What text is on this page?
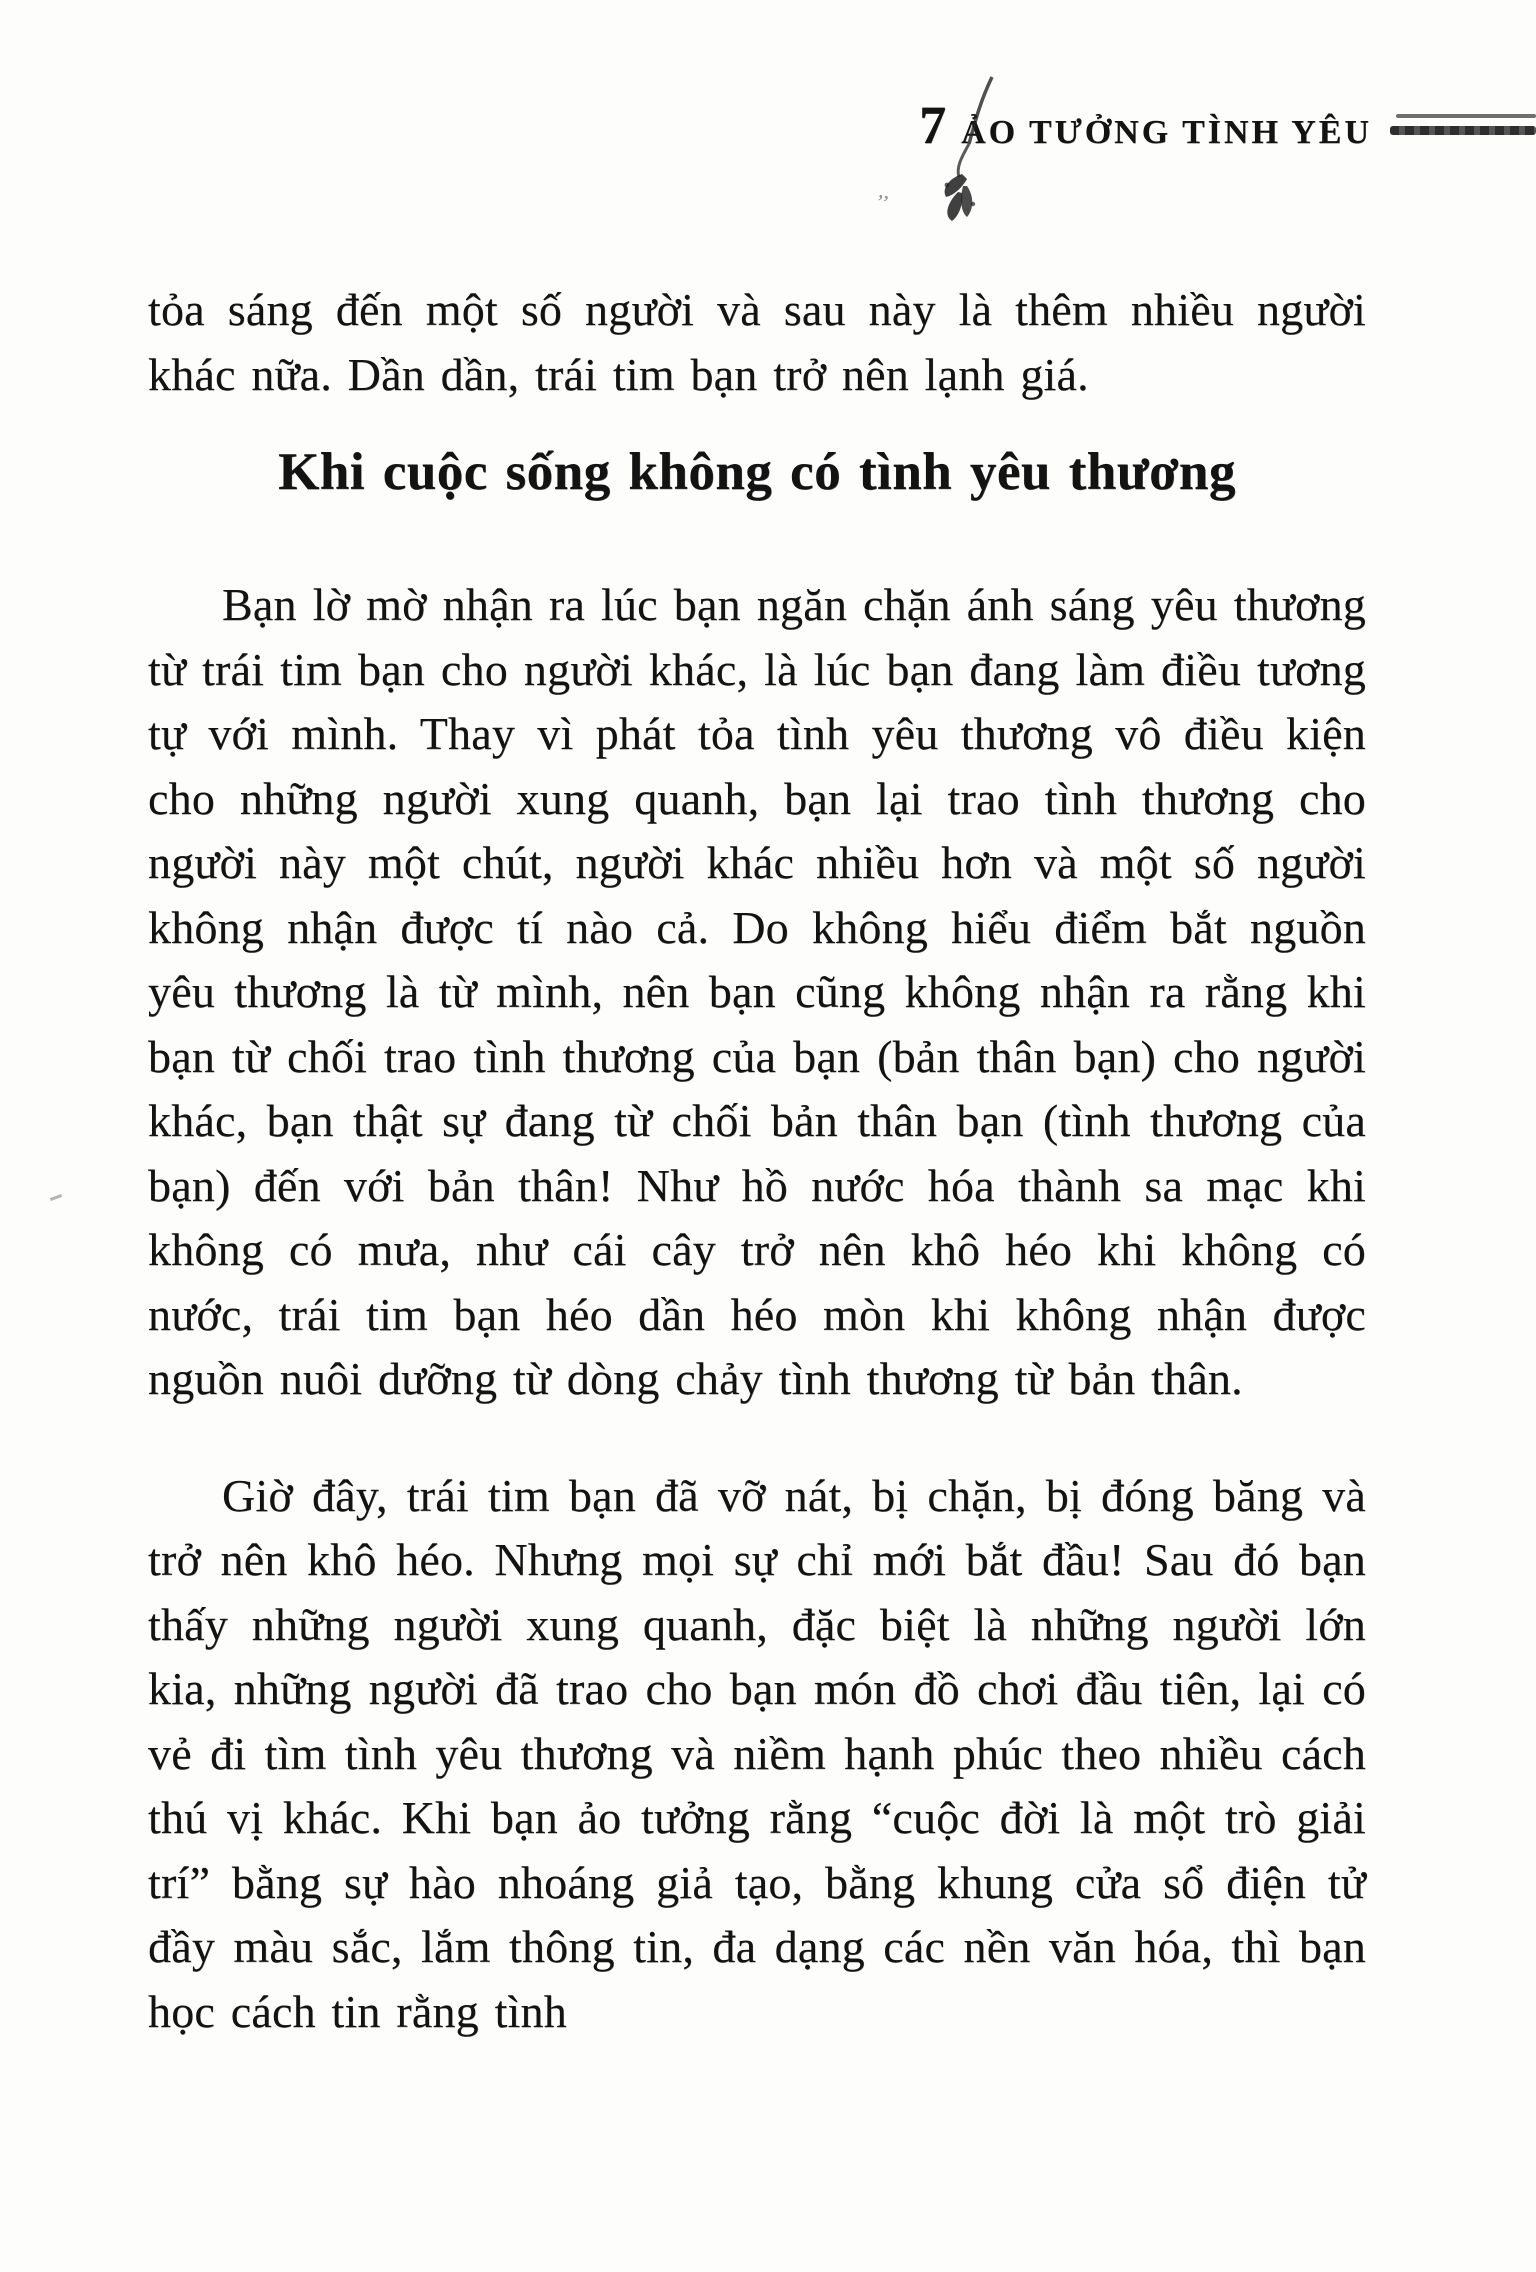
7 ẢO TƯỞNG TÌNH YÊU
’’

tỏa sáng đến một số người và sau này là thêm nhiều người khác nữa. Dần dần, trái tim bạn trở nên lạnh giá.

Khi cuộc sống không có tình yêu thương

Bạn lờ mờ nhận ra lúc bạn ngăn chặn ánh sáng yêu thương từ trái tim bạn cho người khác, là lúc bạn đang làm điều tương tự với mình. Thay vì phát tỏa tình yêu thương vô điều kiện cho những người xung quanh, bạn lại trao tình thương cho người này một chút, người khác nhiều hơn và một số người không nhận được tí nào cả. Do không hiểu điểm bắt nguồn yêu thương là từ mình, nên bạn cũng không nhận ra rằng khi bạn từ chối trao tình thương của bạn (bản thân bạn) cho người khác, bạn thật sự đang từ chối bản thân bạn (tình thương của bạn) đến với bản thân! Như hồ nước hóa thành sa mạc khi không có mưa, như cái cây trở nên khô héo khi không có nước, trái tim bạn héo dần héo mòn khi không nhận được nguồn nuôi dưỡng từ dòng chảy tình thương từ bản thân.

Giờ đây, trái tim bạn đã vỡ nát, bị chặn, bị đóng băng và trở nên khô héo. Nhưng mọi sự chỉ mới bắt đầu! Sau đó bạn thấy những người xung quanh, đặc biệt là những người lớn kia, những người đã trao cho bạn món đồ chơi đầu tiên, lại có vẻ đi tìm tình yêu thương và niềm hạnh phúc theo nhiều cách thú vị khác. Khi bạn ảo tưởng rằng “cuộc đời là một trò giải trí” bằng sự hào nhoáng giả tạo, bằng khung cửa sổ điện tử đầy màu sắc, lắm thông tin, đa dạng các nền văn hóa, thì bạn học cách tin rằng tình
